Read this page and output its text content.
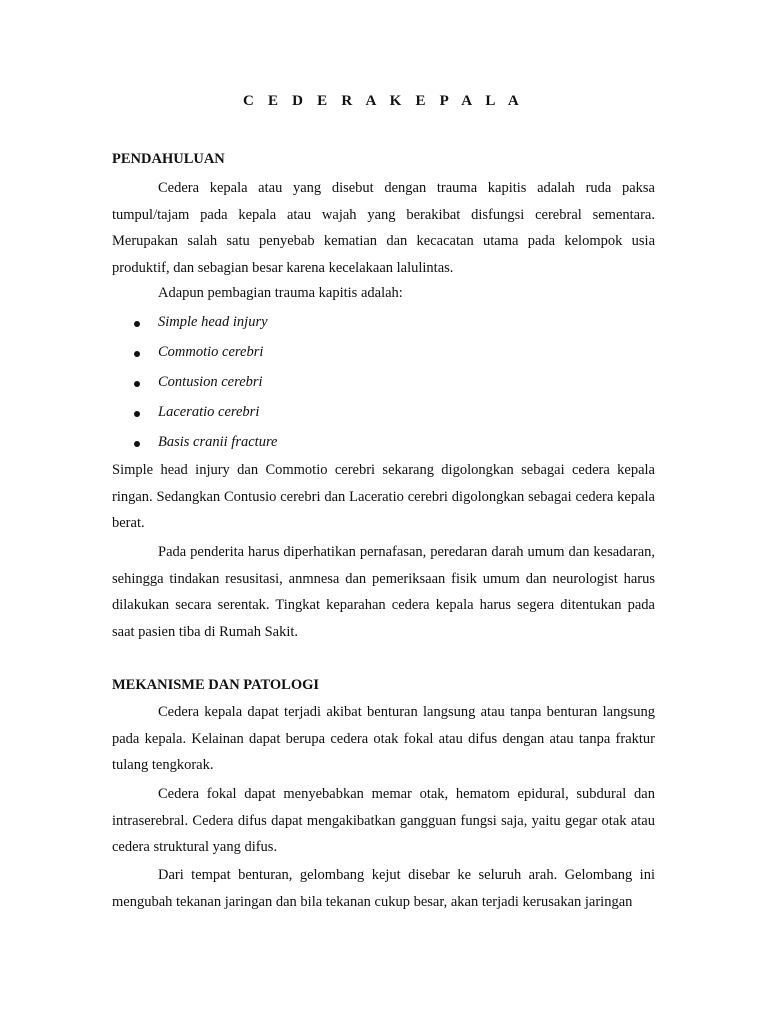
C E D E R A K E P A L A
PENDAHULUAN

Cedera kepala atau yang disebut dengan trauma kapitis adalah ruda paksa tumpul/tajam pada kepala atau wajah yang berakibat disfungsi cerebral sementara. Merupakan salah satu penyebab kematian dan kecacatan utama pada kelompok usia produktif, dan sebagian besar karena kecelakaan lalulintas.

Adapun pembagian trauma kapitis adalah:

Simple head injury
Commotio cerebri
Contusion cerebri
Laceratio cerebri
Basis cranii fracture

Simple head injury dan Commotio cerebri sekarang digolongkan sebagai cedera kepala ringan. Sedangkan Contusio cerebri dan Laceratio cerebri digolongkan sebagai cedera kepala berat.

Pada penderita harus diperhatikan pernafasan, peredaran darah umum dan kesadaran, sehingga tindakan resusitasi, anmnesa dan pemeriksaan fisik umum dan neurologist harus dilakukan secara serentak. Tingkat keparahan cedera kepala harus segera ditentukan pada saat pasien tiba di Rumah Sakit.

MEKANISME DAN PATOLOGI

Cedera kepala dapat terjadi akibat benturan langsung atau tanpa benturan langsung pada kepala. Kelainan dapat berupa cedera otak fokal atau difus dengan atau tanpa fraktur tulang tengkorak.

Cedera fokal dapat menyebabkan memar otak, hematom epidural, subdural dan intraserebral. Cedera difus dapat mengakibatkan gangguan fungsi saja, yaitu gegar otak atau cedera struktural yang difus.

Dari tempat benturan, gelombang kejut disebar ke seluruh arah. Gelombang ini mengubah tekanan jaringan dan bila tekanan cukup besar, akan terjadi kerusakan jaringan
